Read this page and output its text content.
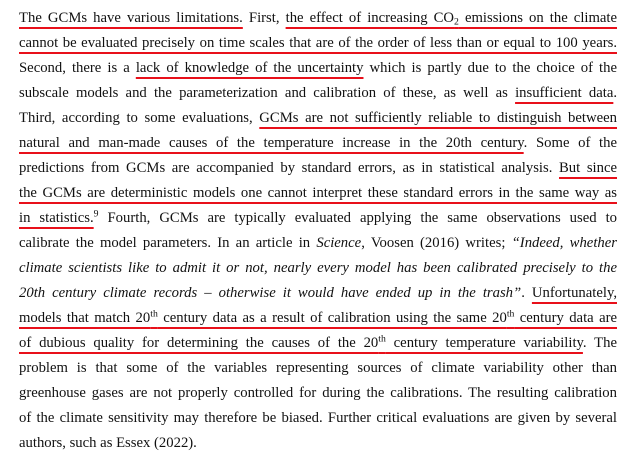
The GCMs have various limitations. First, the effect of increasing $CO_2$ emissions on the climate
cannot be evaluated precisely on time scales that are of the order of less than or equal to 100 years.
Second, there is a lack of knowledge of the uncertainty which is partly due to the choice of the
subscale models and the parameterization and calibration of these, as well as insufficient data.
Third, according to some evaluations, GCMs are not sufficiently reliable to distinguish between
natural and man-made causes of the temperature increase in the 20th century. Some of the
predictions from GCMs are accompanied by standard errors, as in statistical analysis. But since
the GCMs are deterministic models one cannot interpret these standard errors in the same way as
in statistics.$^9$ Fourth, GCMs are typically evaluated applying the same observations used to
calibrate the model parameters. In an article in Science, Voosen (2016) writes; “Indeed, whether
climate scientists like to admit it or not, nearly every model has been calibrated precisely to the
20th century climate records – otherwise it would have ended up in the trash”. Unfortunately,
models that match 20th century data as a result of calibration using the same 20th century data are
of dubious quality for determining the causes of the 20th century temperature variability. The
problem is that some of the variables representing sources of climate variability other than
greenhouse gases are not properly controlled for during the calibrations. The resulting calibration
of the climate sensitivity may therefore be biased. Further critical evaluations are given by several
authors, such as Essex (2022).
